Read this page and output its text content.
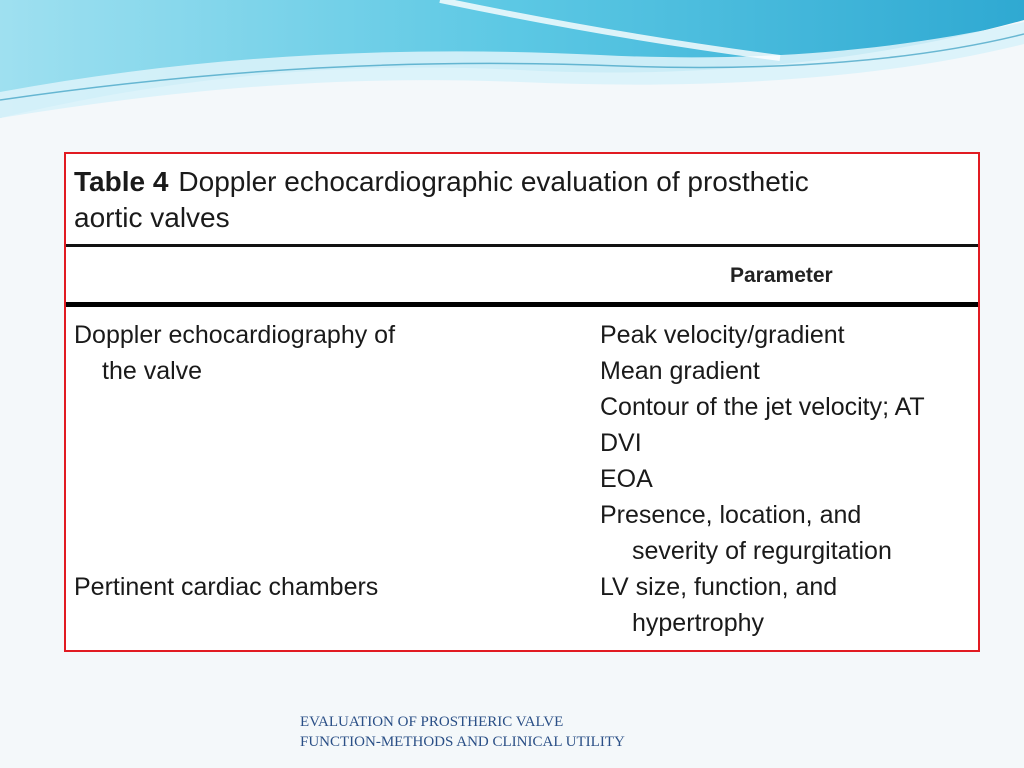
Table 4 Doppler echocardiographic evaluation of prosthetic
aortic valves
Parameter
Doppler echocardiography of
the valve
Pertinent cardiac chambers
Peak velocity/gradient
Mean gradient
Contour of the jet velocity; AT
DVI
EOA
Presence, location, and
severity of regurgitation
LV size, function, and
hypertrophy
EVALUATION OF PROSTHERIC VALVE
FUNCTION-METHODS AND CLINICAL UTILITY
